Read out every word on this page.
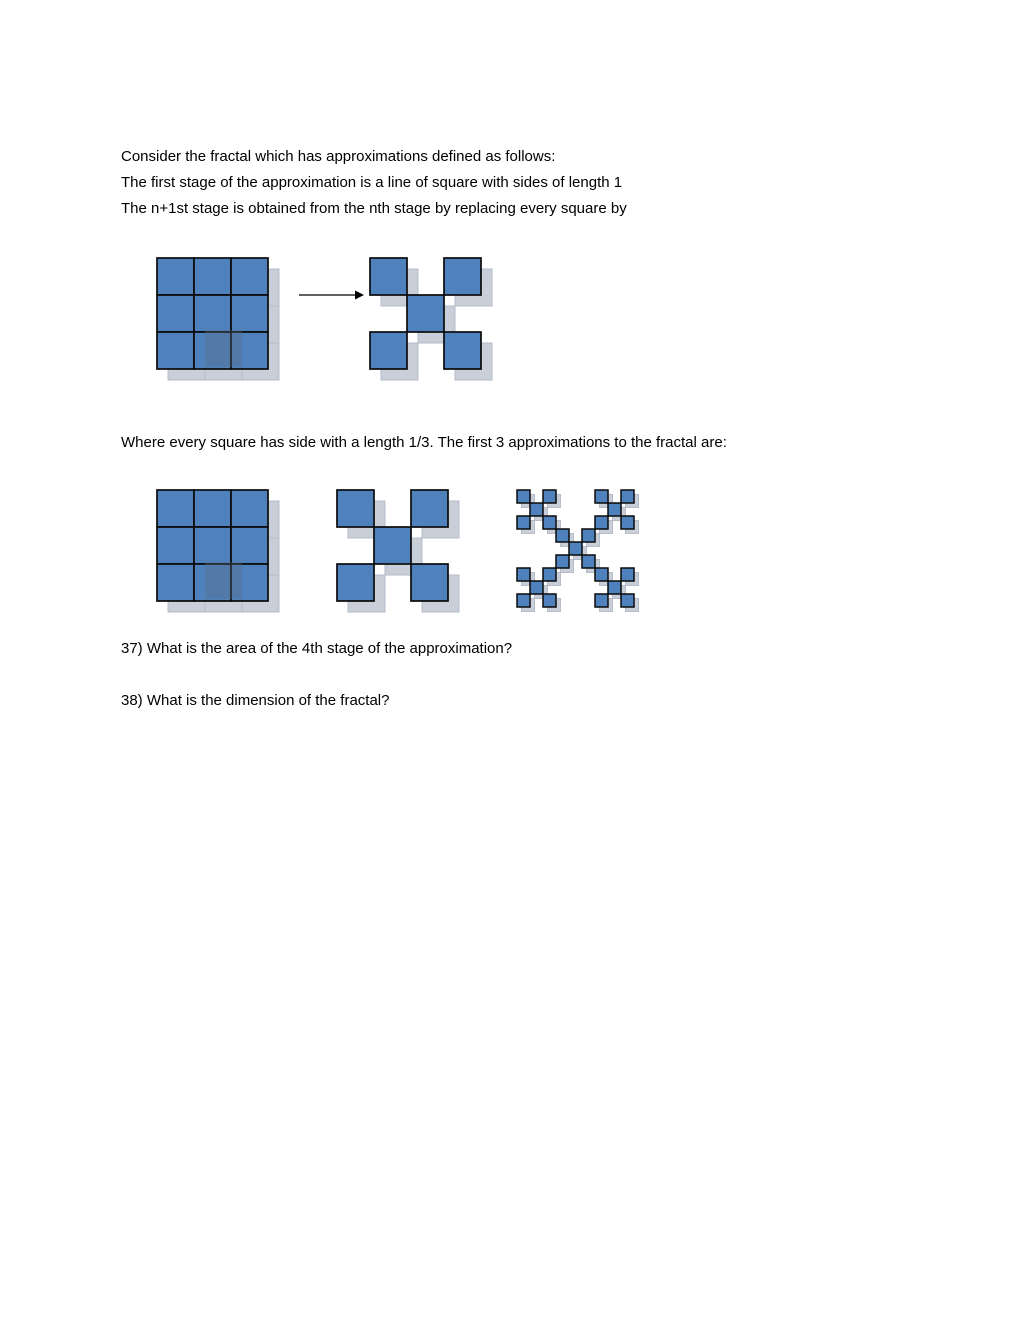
Consider the fractal which has approximations defined as follows:
The first stage of the approximation is a line of square with sides of length 1
The n+1st stage is obtained from the nth stage by replacing every square by
Where every square has side with a length 1/3. The first 3 approximations to the fractal are:
37) What is the area of the 4th stage of the approximation?
38) What is the dimension of the fractal?
